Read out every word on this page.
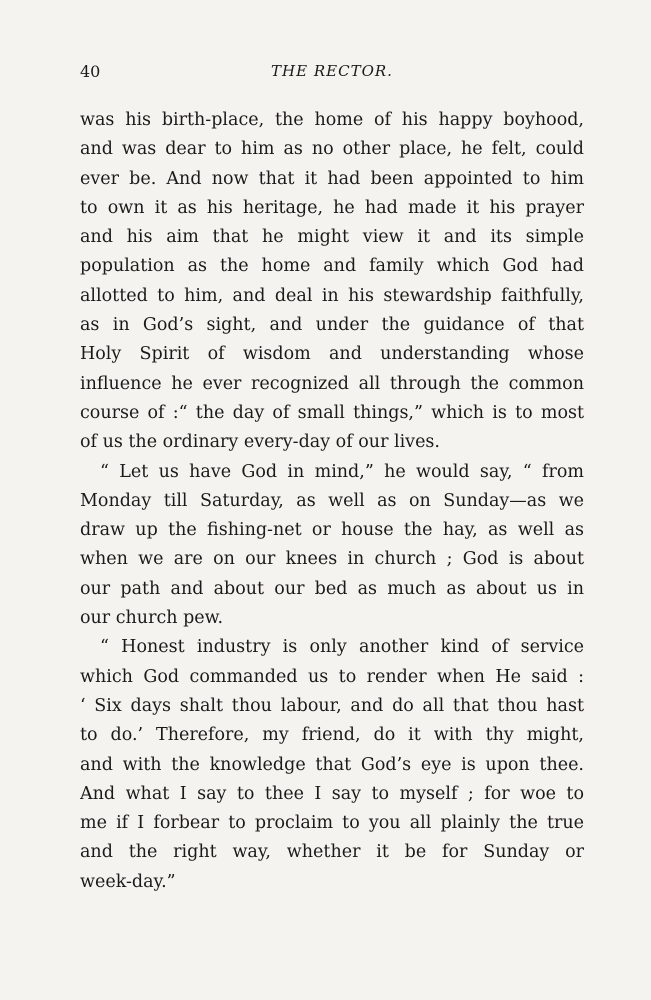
40	THE RECTOR.
was his birth-place, the home of his happy boyhood,
and was dear to him as no other place, he felt, could
ever be. And now that it had been appointed to him
to own it as his heritage, he had made it his prayer
and his aim that he might view it and its simple
population as the home and family which God had
allotted to him, and deal in his stewardship faithfully,
as in God’s sight, and under the guidance of that
Holy Spirit of wisdom and understanding whose
influence he ever recognized all through the common
course of :“ the day of small things,” which is to most
of us the ordinary every-day of our lives.
“ Let us have God in mind,” he would say, “ from
Monday till Saturday, as well as on Sunday—as we
draw up the fishing-net or house the hay, as well as
when we are on our knees in church ; God is about
our path and about our bed as much as about us in
our church pew.
“ Honest industry is only another kind of service
which God commanded us to render when He said :
‘ Six days shalt thou labour, and do all that thou hast
to do.’ Therefore, my friend, do it with thy might,
and with the knowledge that God’s eye is upon thee.
And what I say to thee I say to myself ; for woe to
me if I forbear to proclaim to you all plainly the true
and the right way, whether it be for Sunday or
week-day.”
